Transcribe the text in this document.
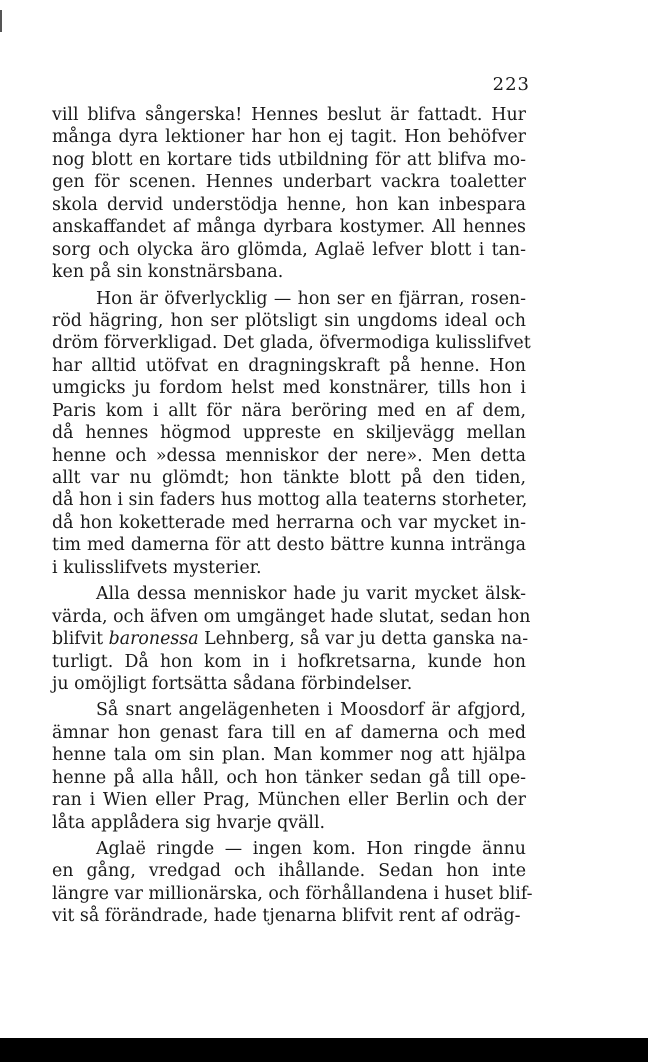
223
vill blifva sångerska! Hennes beslut är fattadt. Hur
många dyra lektioner har hon ej tagit. Hon behöfver
nog blott en kortare tids utbildning för att blifva mo-
gen för scenen. Hennes underbart vackra toaletter
skola dervid understödja henne, hon kan inbespara
anskaffandet af många dyrbara kostymer. All hennes
sorg och olycka äro glömda, Aglaë lefver blott i tan-
ken på sin konstnärsbana.
Hon är öfverlycklig — hon ser en fjärran, rosen-
röd hägring, hon ser plötsligt sin ungdoms ideal och
dröm förverkligad. Det glada, öfvermodiga kulisslifvet
har alltid utöfvat en dragningskraft på henne. Hon
umgicks ju fordom helst med konstnärer, tills hon i
Paris kom i allt för nära beröring med en af dem,
då hennes högmod uppreste en skiljevägg mellan
henne och »dessa menniskor der nere». Men detta
allt var nu glömdt; hon tänkte blott på den tiden,
då hon i sin faders hus mottog alla teaterns storheter,
då hon koketterade med herrarna och var mycket in-
tim med damerna för att desto bättre kunna intränga
i kulisslifvets mysterier.
Alla dessa menniskor hade ju varit mycket älsk-
värda, och äfven om umgänget hade slutat, sedan hon
blifvit baronessa Lehnberg, så var ju detta ganska na-
turligt. Då hon kom in i hofkretsarna, kunde hon
ju omöjligt fortsätta sådana förbindelser.
Så snart angelägenheten i Moosdorf är afgjord,
ämnar hon genast fara till en af damerna och med
henne tala om sin plan. Man kommer nog att hjälpa
henne på alla håll, och hon tänker sedan gå till ope-
ran i Wien eller Prag, München eller Berlin och der
låta applådera sig hvarje qväll.
Aglaë ringde — ingen kom. Hon ringde ännu
en gång, vredgad och ihållande. Sedan hon inte
längre var millionärska, och förhållandena i huset blif-
vit så förändrade, hade tjenarna blifvit rent af odräg-
